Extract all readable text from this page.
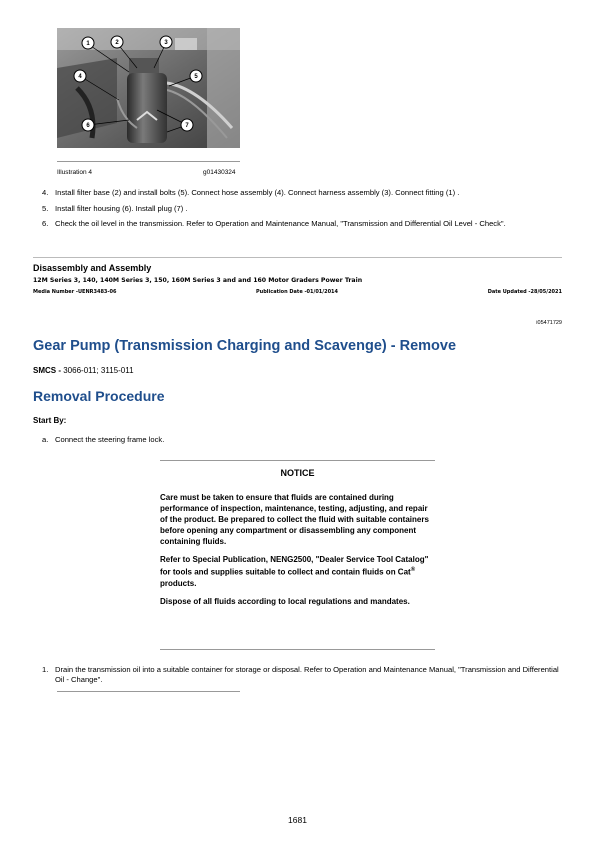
1	2	3
4	5
6	7
Illustration 4	g01430324
4. Install filter base (2) and install bolts (5). Connect hose assembly (4). Connect harness assembly (3). Connect fitting (1) .
5. Install filter housing (6). Install plug (7) .
6. Check the oil level in the transmission. Refer to Operation and Maintenance Manual, "Transmission and Differential Oil Level - Check".
Disassembly and Assembly
12M Series 3, 140, 140M Series 3, 150, 160M Series 3 and and 160 Motor Graders Power Train
Media Number -UENR3483-06	Publication Date -01/01/2014	Date Updated -28/05/2021
i05471729
Gear Pump (Transmission Charging and Scavenge) - Remove
SMCS - 3066-011; 3115-011
Removal Procedure
Start By:
a. Connect the steering frame lock.
NOTICE

Care must be taken to ensure that fluids are contained during performance of inspection, maintenance, testing, adjusting, and repair of the product. Be prepared to collect the fluid with suitable containers before opening any compartment or disassembling any component containing fluids.

Refer to Special Publication, NENG2500, "Dealer Service Tool Catalog" for tools and supplies suitable to collect and contain fluids on Cat® products.

Dispose of all fluids according to local regulations and mandates.

1. Drain the transmission oil into a suitable container for storage or disposal. Refer to Operation and Maintenance Manual, "Transmission and Differential Oil - Change".
1681
